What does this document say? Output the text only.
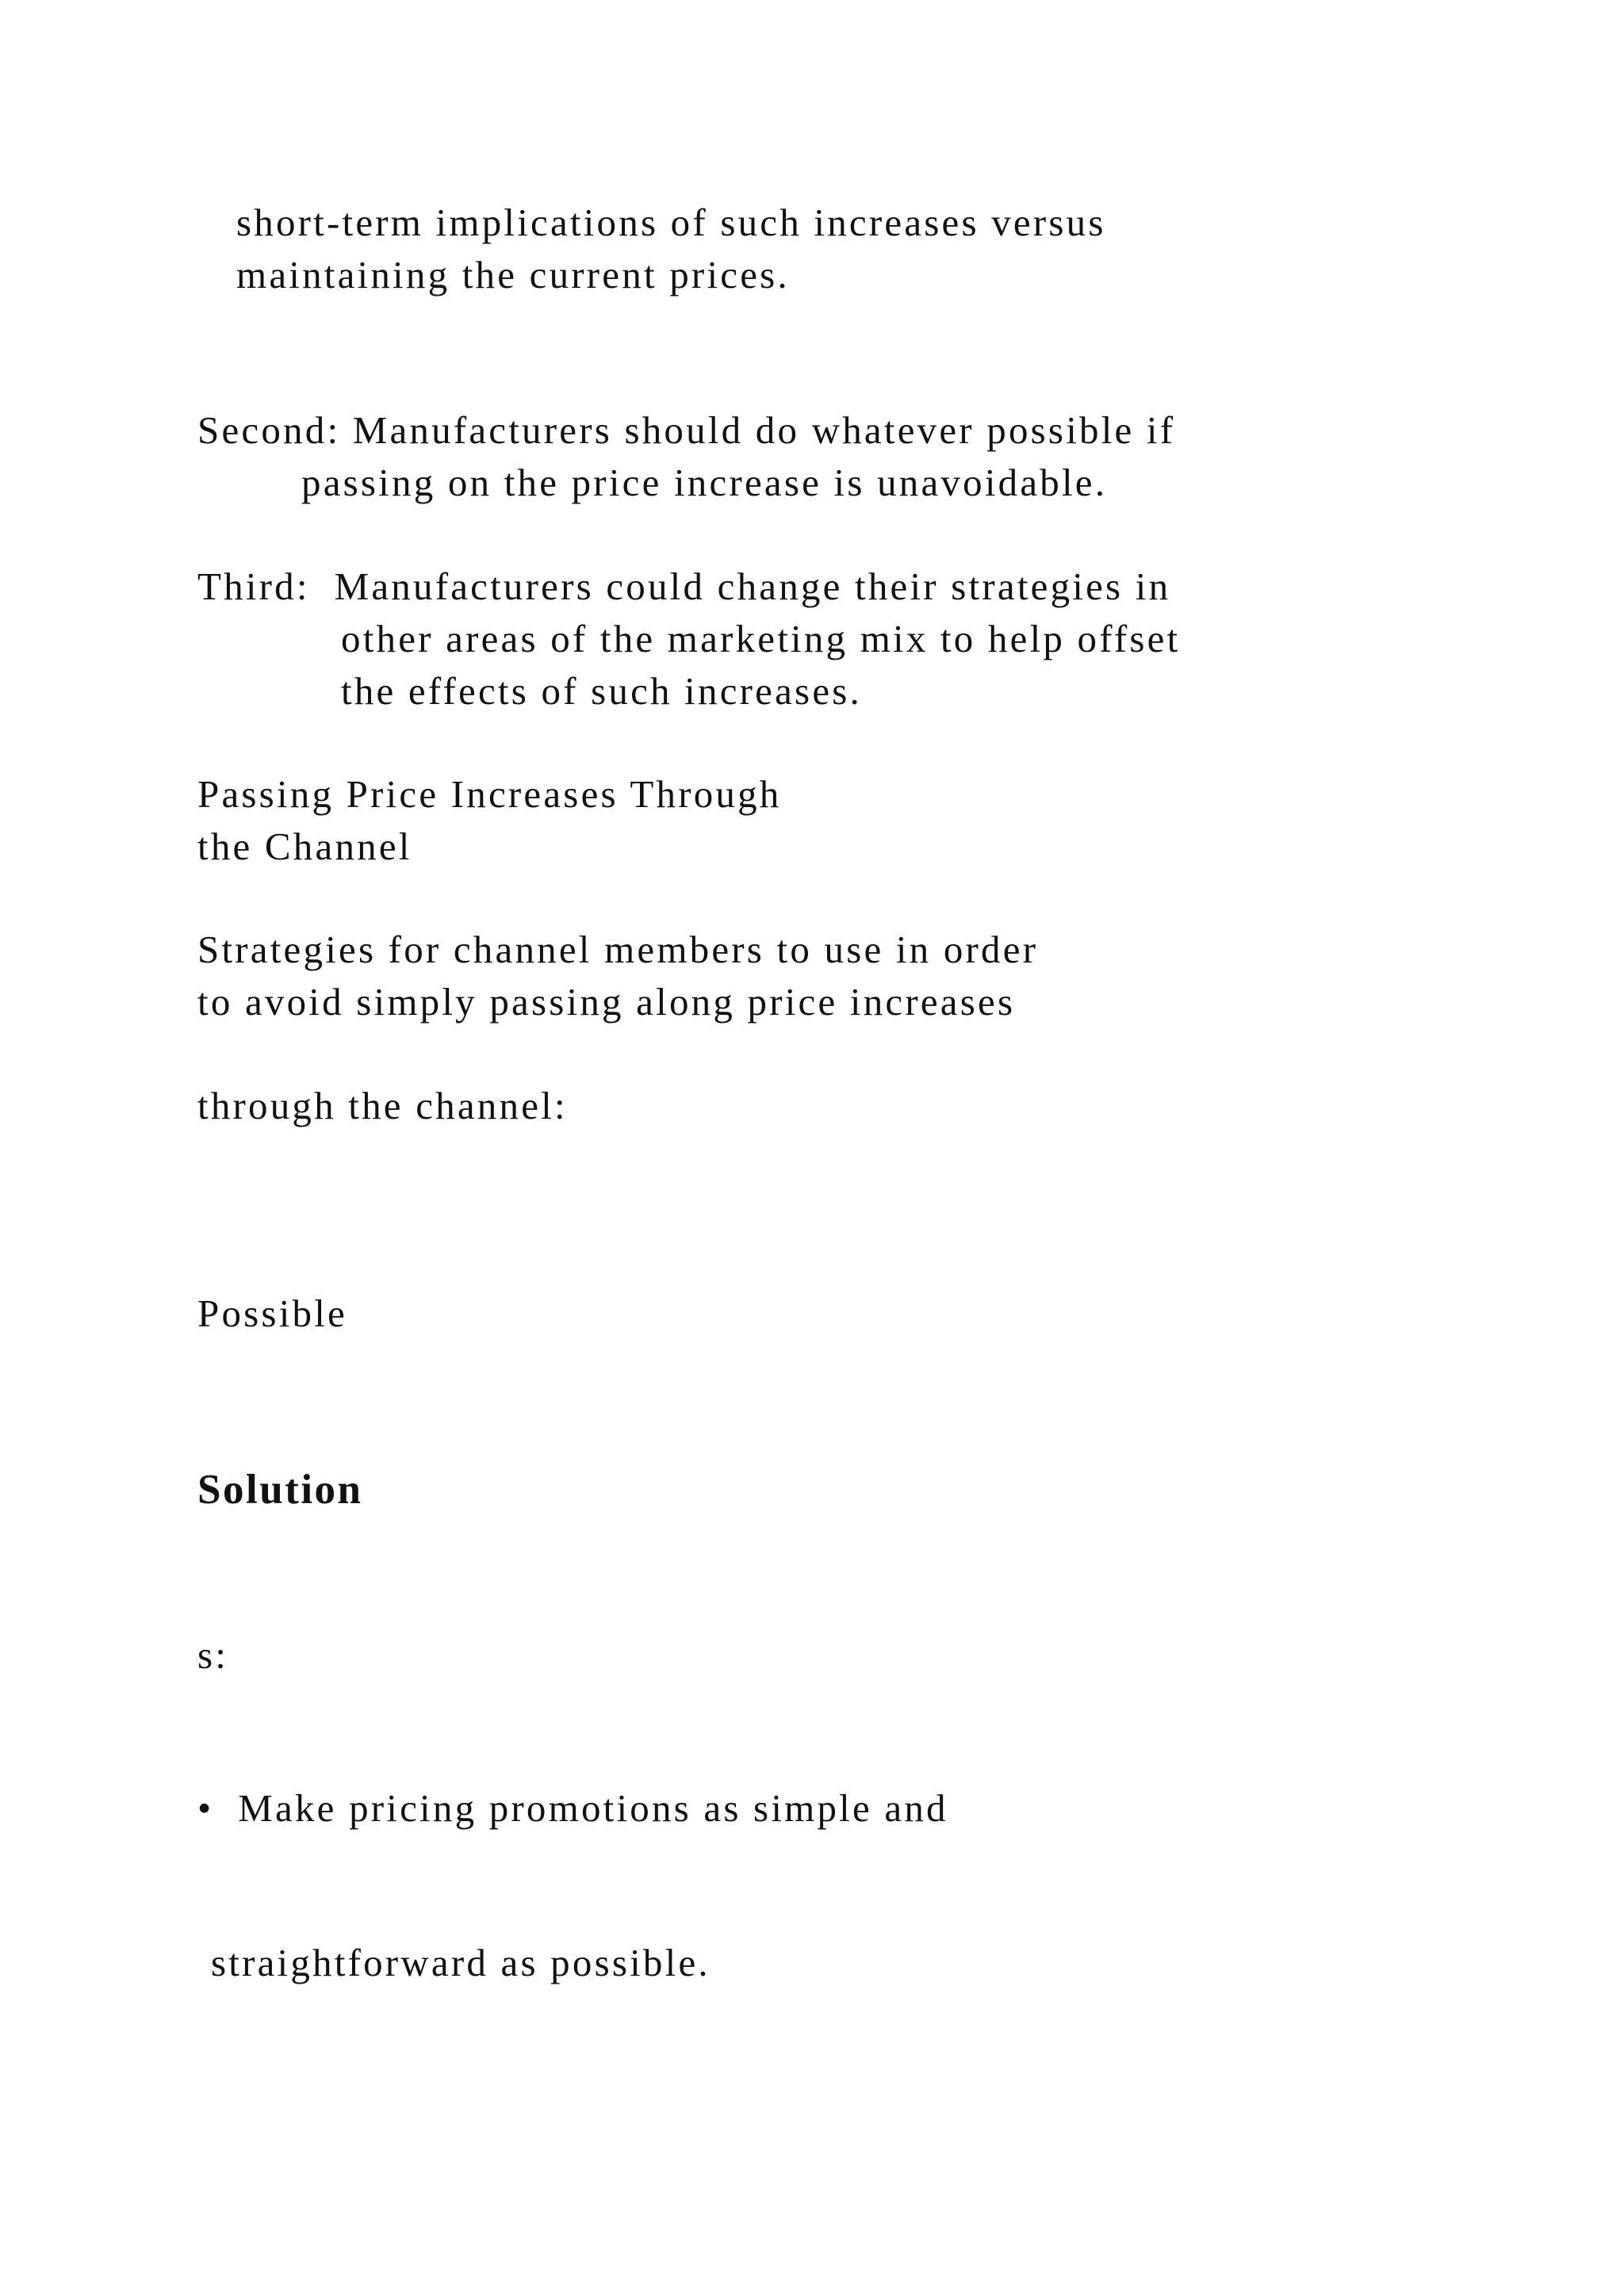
short-term implications of such increases versus
maintaining the current prices.
Second: Manufacturers should do whatever possible if
passing on the price increase is unavoidable.
Third:  Manufacturers could change their strategies in
other areas of the marketing mix to help offset
the effects of such increases.
Passing Price Increases Through
the Channel
Strategies for channel members to use in order
to avoid simply passing along price increases
through the channel:
Possible
Solution
s:
•  Make pricing promotions as simple and
straightforward as possible.
